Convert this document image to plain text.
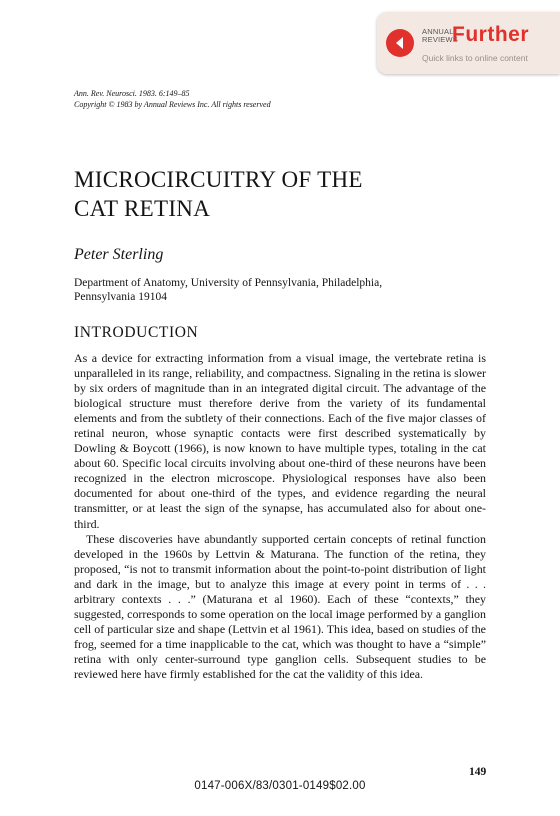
ANNUAL
REVIEWS
Further
Quick links to online content
Ann. Rev. Neurosci. 1983. 6:149–85
Copyright © 1983 by Annual Reviews Inc. All rights reserved
MICROCIRCUITRY OF THE
CAT RETINA
Peter Sterling
Department of Anatomy, University of Pennsylvania, Philadelphia,
Pennsylvania 19104
INTRODUCTION

As a device for extracting information from a visual image, the vertebrate retina is unparalleled in its range, reliability, and compactness. Signaling in the retina is slower by six orders of magnitude than in an integrated digital circuit. The advantage of the biological structure must therefore derive from the variety of its fundamental elements and from the subtlety of their connections. Each of the five major classes of retinal neuron, whose synaptic contacts were first described systematically by Dowling & Boycott (1966), is now known to have multiple types, totaling in the cat about 60. Specific local circuits involving about one-third of these neurons have been recognized in the electron microscope. Physiological responses have also been documented for about one-third of the types, and evidence regarding the neural transmitter, or at least the sign of the synapse, has accumulated also for about one-third.

These discoveries have abundantly supported certain concepts of retinal function developed in the 1960s by Lettvin & Maturana. The function of the retina, they proposed, “is not to transmit information about the point-to-point distribution of light and dark in the image, but to analyze this image at every point in terms of . . . arbitrary contexts . . .” (Maturana et al 1960). Each of these “contexts,” they suggested, corresponds to some operation on the local image performed by a ganglion cell of particular size and shape (Lettvin et al 1961). This idea, based on studies of the frog, seemed for a time inapplicable to the cat, which was thought to have a “simple” retina with only center-surround type ganglion cells. Subsequent studies to be reviewed here have firmly established for the cat the validity of this idea.

149
0147-006X/83/0301-0149$02.00
